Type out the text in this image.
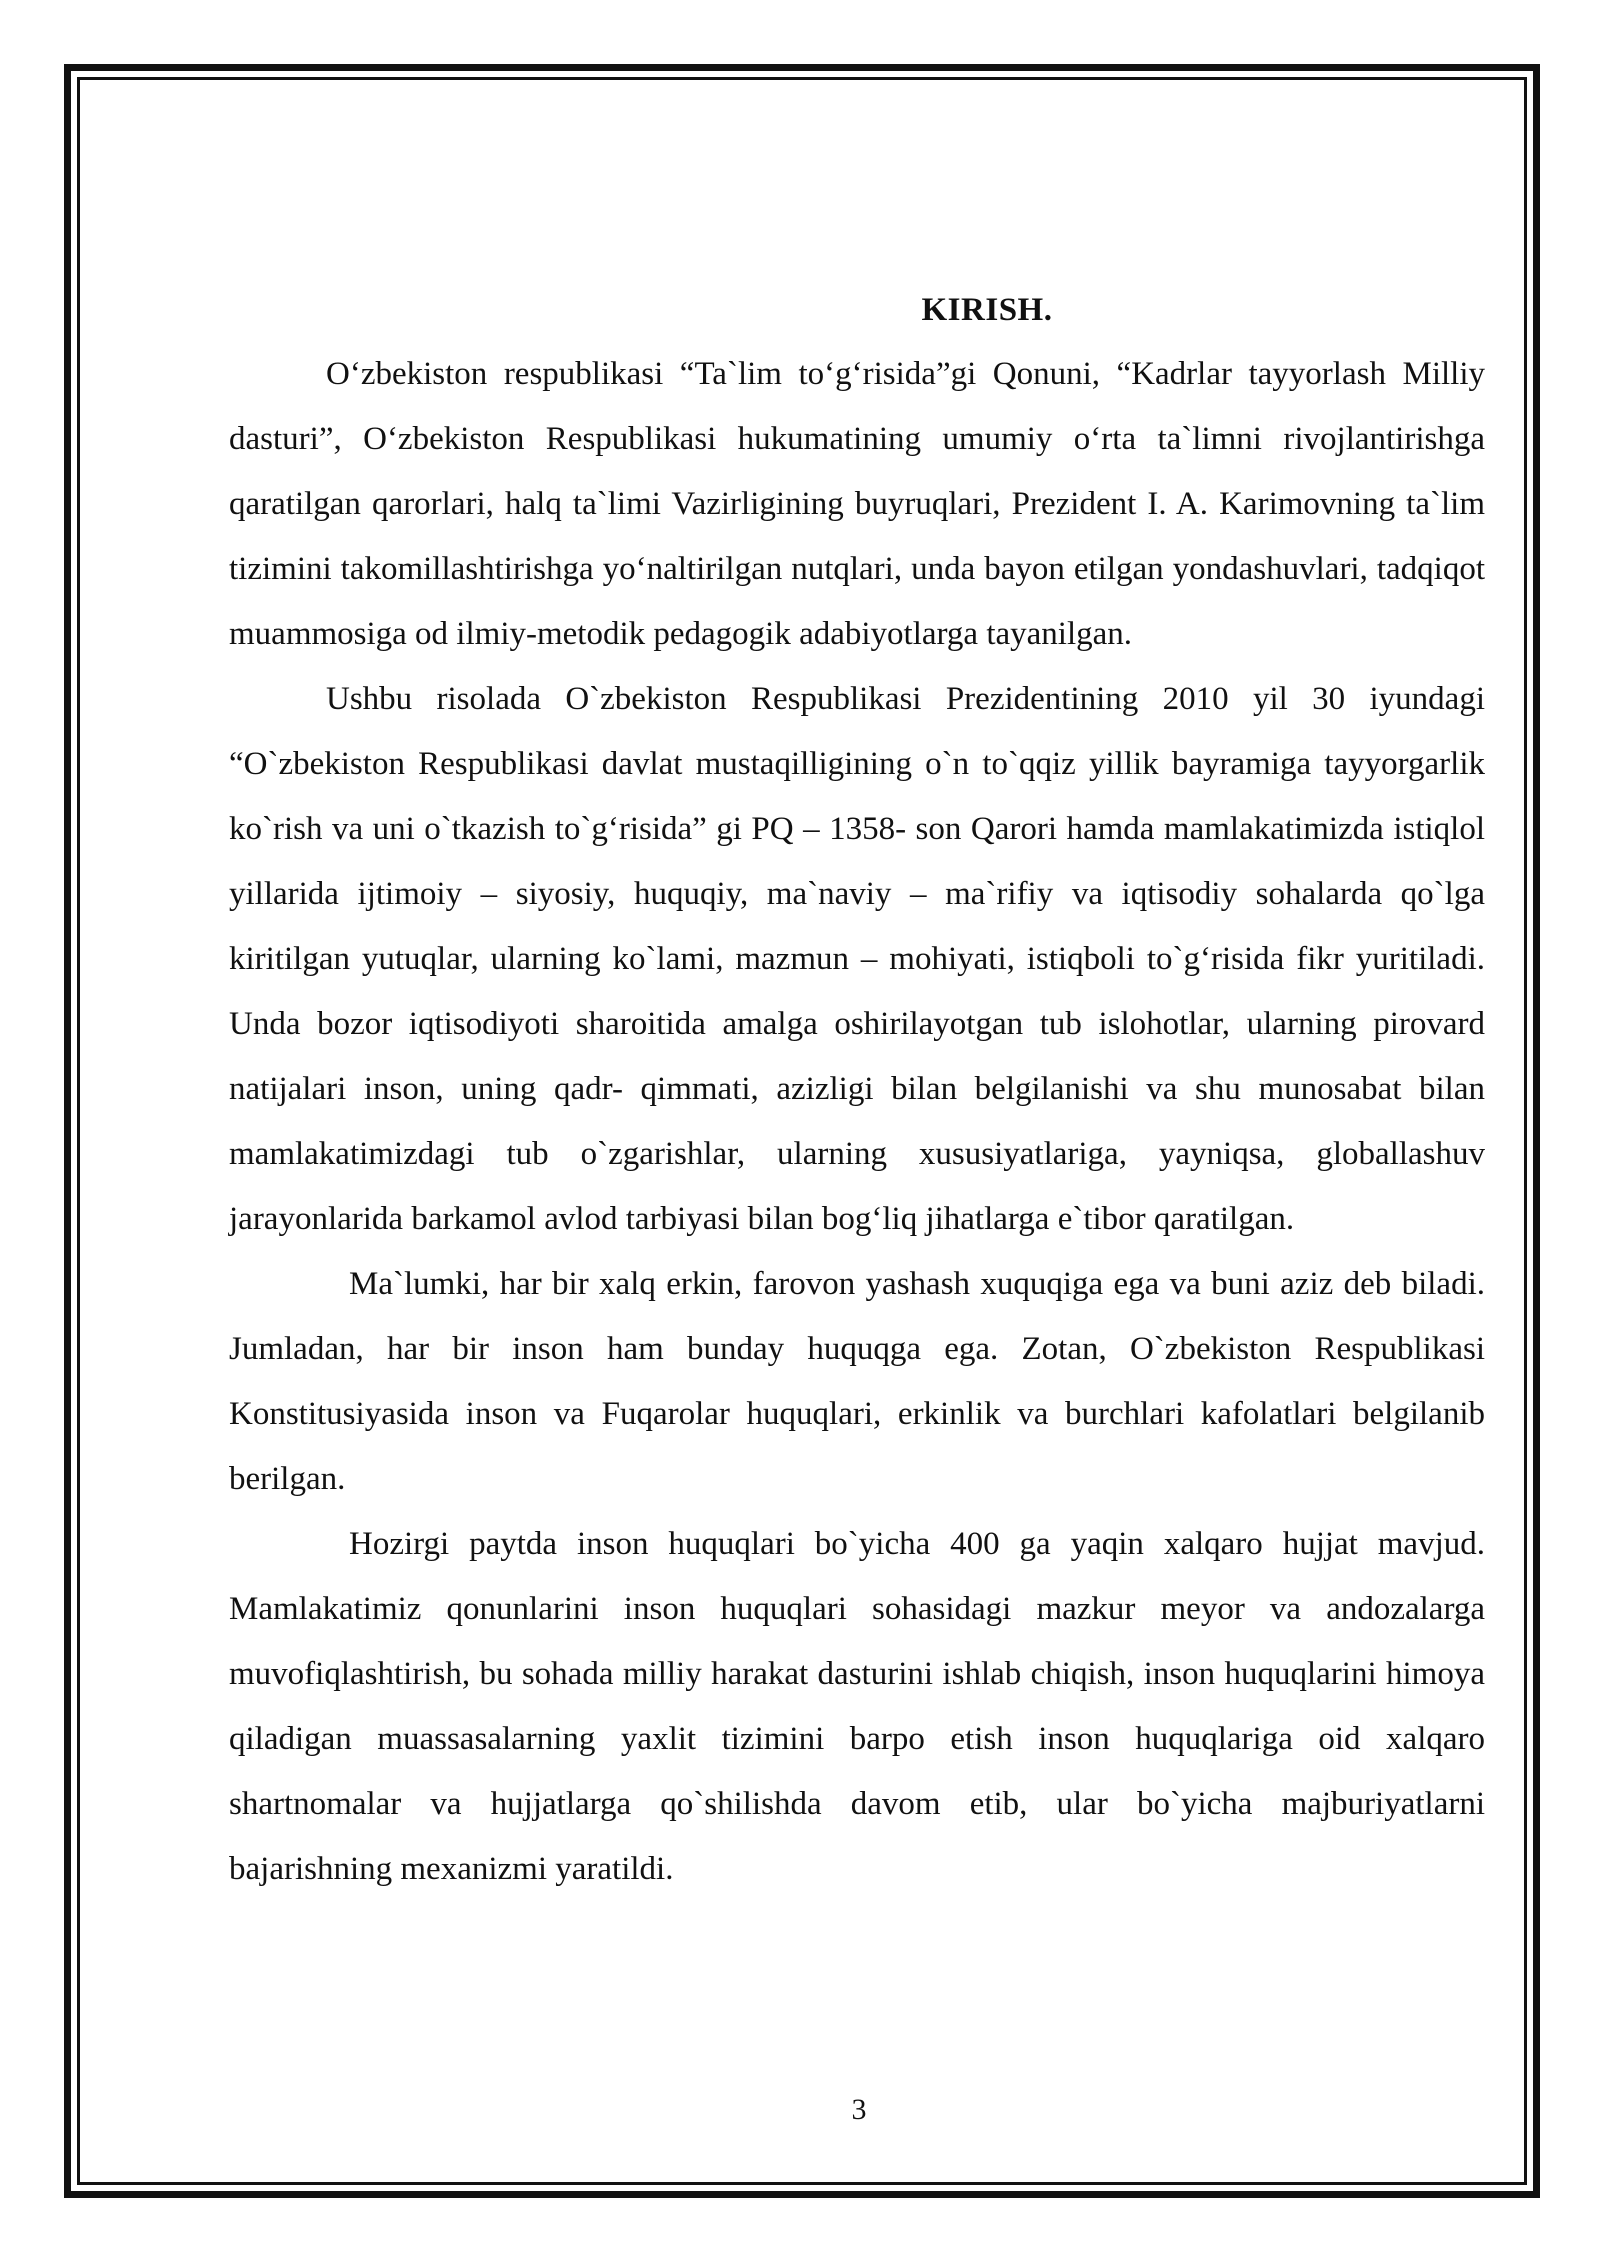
KIRISH.

O‘zbekiston respublikasi “Ta`lim to‘g‘risida”gi Qonuni, “Kadrlar tayyorlash Milliy dasturi”, O‘zbekiston Respublikasi hukumatining umumiy o‘rta ta`limni rivojlantirishga qaratilgan qarorlari, halq ta`limi Vazirligining buyruqlari, Prezident I. A. Karimovning ta`lim tizimini takomillashtirishga yo‘naltirilgan nutqlari, unda bayon etilgan yondashuvlari, tadqiqot muammosiga od ilmiy-metodik pedagogik adabiyotlarga tayanilgan.

Ushbu risolada O`zbekiston Respublikasi Prezidentining 2010 yil 30 iyundagi “O`zbekiston Respublikasi davlat mustaqilligining o`n to`qqiz yillik bayramiga tayyorgarlik ko`rish va uni o`tkazish to`g‘risida” gi PQ – 1358- son Qarori hamda mamlakatimizda istiqlol yillarida ijtimoiy – siyosiy, huquqiy, ma`naviy – ma`rifiy va iqtisodiy sohalarda qo`lga kiritilgan yutuqlar, ularning ko`lami, mazmun – mohiyati, istiqboli to`g‘risida fikr yuritiladi. Unda bozor iqtisodiyoti sharoitida amalga oshirilayotgan tub islohotlar, ularning pirovard natijalari inson, uning qadr- qimmati, azizligi bilan belgilanishi va shu munosabat bilan mamlakatimizdagi tub o`zgarishlar, ularning xususiyatlariga, yayniqsa, globallashuv jarayonlarida barkamol avlod tarbiyasi bilan bog‘liq jihatlarga e`tibor qaratilgan.

Ma`lumki, har bir xalq erkin, farovon yashash xuquqiga ega va buni aziz deb biladi. Jumladan, har bir inson ham bunday huquqga ega. Zotan, O`zbekiston Respublikasi Konstitusiyasida inson va Fuqarolar huquqlari, erkinlik va burchlari kafolatlari belgilanib berilgan.

Hozirgi paytda inson huquqlari bo`yicha 400 ga yaqin xalqaro hujjat mavjud. Mamlakatimiz qonunlarini inson huquqlari sohasidagi mazkur meyor va andozalarga muvofiqlashtirish, bu sohada milliy harakat dasturini ishlab chiqish, inson huquqlarini himoya qiladigan muassasalarning yaxlit tizimini barpo etish inson huquqlariga oid xalqaro shartnomalar va hujjatlarga qo`shilishda davom etib, ular bo`yicha majburiyatlarni bajarishning mexanizmi yaratildi.

3
